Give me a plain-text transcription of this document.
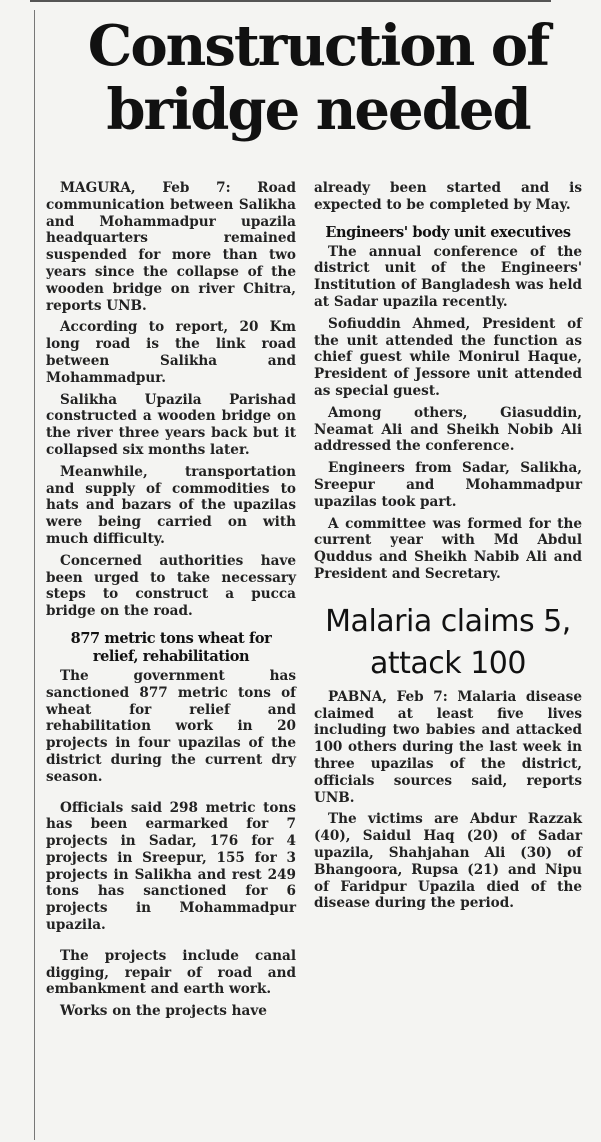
Construction of bridge needed

MAGURA, Feb 7: Road communication between Salikha and Mohammadpur upazila headquarters remained suspended for more than two years since the collapse of the wooden bridge on river Chitra, reports UNB.

According to report, 20 Km long road is the link road between Salikha and Mohammadpur.

Salikha Upazila Parishad constructed a wooden bridge on the river three years back but it collapsed six months later.

Meanwhile, transportation and supply of commodities to hats and bazars of the upazilas were being carried on with much difficulty.

Concerned authorities have been urged to take necessary steps to construct a pucca bridge on the road.

877 metric tons wheat for relief, rehabilitation

The government has sanctioned 877 metric tons of wheat for relief and rehabilitation work in 20 projects in four upazilas of the district during the current dry season.

Officials said 298 metric tons has been earmarked for 7 projects in Sadar, 176 for 4 projects in Sreepur, 155 for 3 projects in Salikha and rest 249 tons has sanctioned for 6 projects in Mohammadpur upazila.

The projects include canal digging, repair of road and embankment and earth work.

Works on the projects have

already been started and is expected to be completed by May.

Engineers' body unit executives

The annual conference of the district unit of the Engineers' Institution of Bangladesh was held at Sadar upazila recently.

Sofiuddin Ahmed, President of the unit attended the function as chief guest while Monirul Haque, President of Jessore unit attended as special guest.

Among others, Giasuddin, Neamat Ali and Sheikh Nobib Ali addressed the conference.

Engineers from Sadar, Salikha, Sreepur and Mohammadpur upazilas took part.

A committee was formed for the current year with Md Abdul Quddus and Sheikh Nabib Ali and President and Secretary.

Malaria claims 5, attack 100

PABNA, Feb 7: Malaria disease claimed at least five lives including two babies and attacked 100 others during the last week in three upazilas of the district, officials sources said, reports UNB.

The victims are Abdur Razzak (40), Saidul Haq (20) of Sadar upazila, Shahjahan Ali (30) of Bhangoora, Rupsa (21) and Nipu of Faridpur Upazila died of the disease during the period.
